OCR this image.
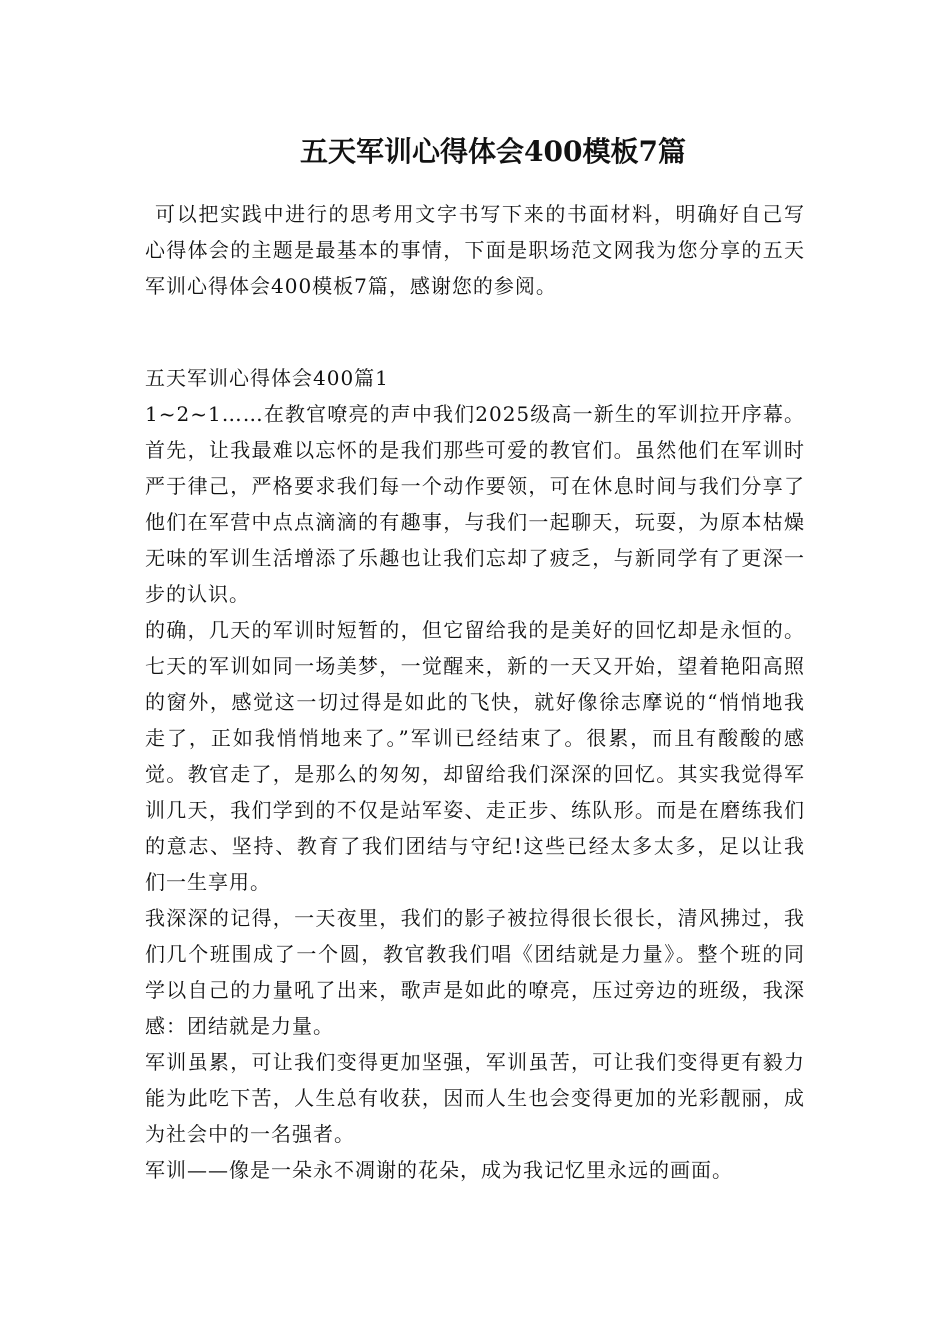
五天军训心得体会400模板7篇

可以把实践中进行的思考用文字书写下来的书面材料，明确好自己写心得体会的主题是最基本的事情，下面是职场范文网我为您分享的五天军训心得体会400模板7篇，感谢您的参阅。

五天军训心得体会400篇1

1~2~1……在教官嘹亮的声中我们2025级高一新生的军训拉开序幕。首先，让我最难以忘怀的是我们那些可爱的教官们。虽然他们在军训时严于律己，严格要求我们每一个动作要领，可在休息时间与我们分享了他们在军营中点点滴滴的有趣事，与我们一起聊天，玩耍，为原本枯燥无味的军训生活增添了乐趣也让我们忘却了疲乏，与新同学有了更深一步的认识。

的确，几天的军训时短暂的，但它留给我的是美好的回忆却是永恒的。七天的军训如同一场美梦，一觉醒来，新的一天又开始，望着艳阳高照的窗外，感觉这一切过得是如此的飞快，就好像徐志摩说的“悄悄地我走了，正如我悄悄地来了。”军训已经结束了。很累，而且有酸酸的感觉。教官走了，是那么的匆匆，却留给我们深深的回忆。其实我觉得军训几天，我们学到的不仅是站军姿、走正步、练队形。而是在磨练我们的意志、坚持、教育了我们团结与守纪!这些已经太多太多，足以让我们一生享用。

我深深的记得，一天夜里，我们的影子被拉得很长很长，清风拂过，我们几个班围成了一个圆，教官教我们唱《团结就是力量》。整个班的同学以自己的力量吼了出来，歌声是如此的嘹亮，压过旁边的班级，我深感：团结就是力量。

军训虽累，可让我们变得更加坚强，军训虽苦，可让我们变得更有毅力能为此吃下苦，人生总有收获，因而人生也会变得更加的光彩靓丽，成为社会中的一名强者。

军训——像是一朵永不凋谢的花朵，成为我记忆里永远的画面。
